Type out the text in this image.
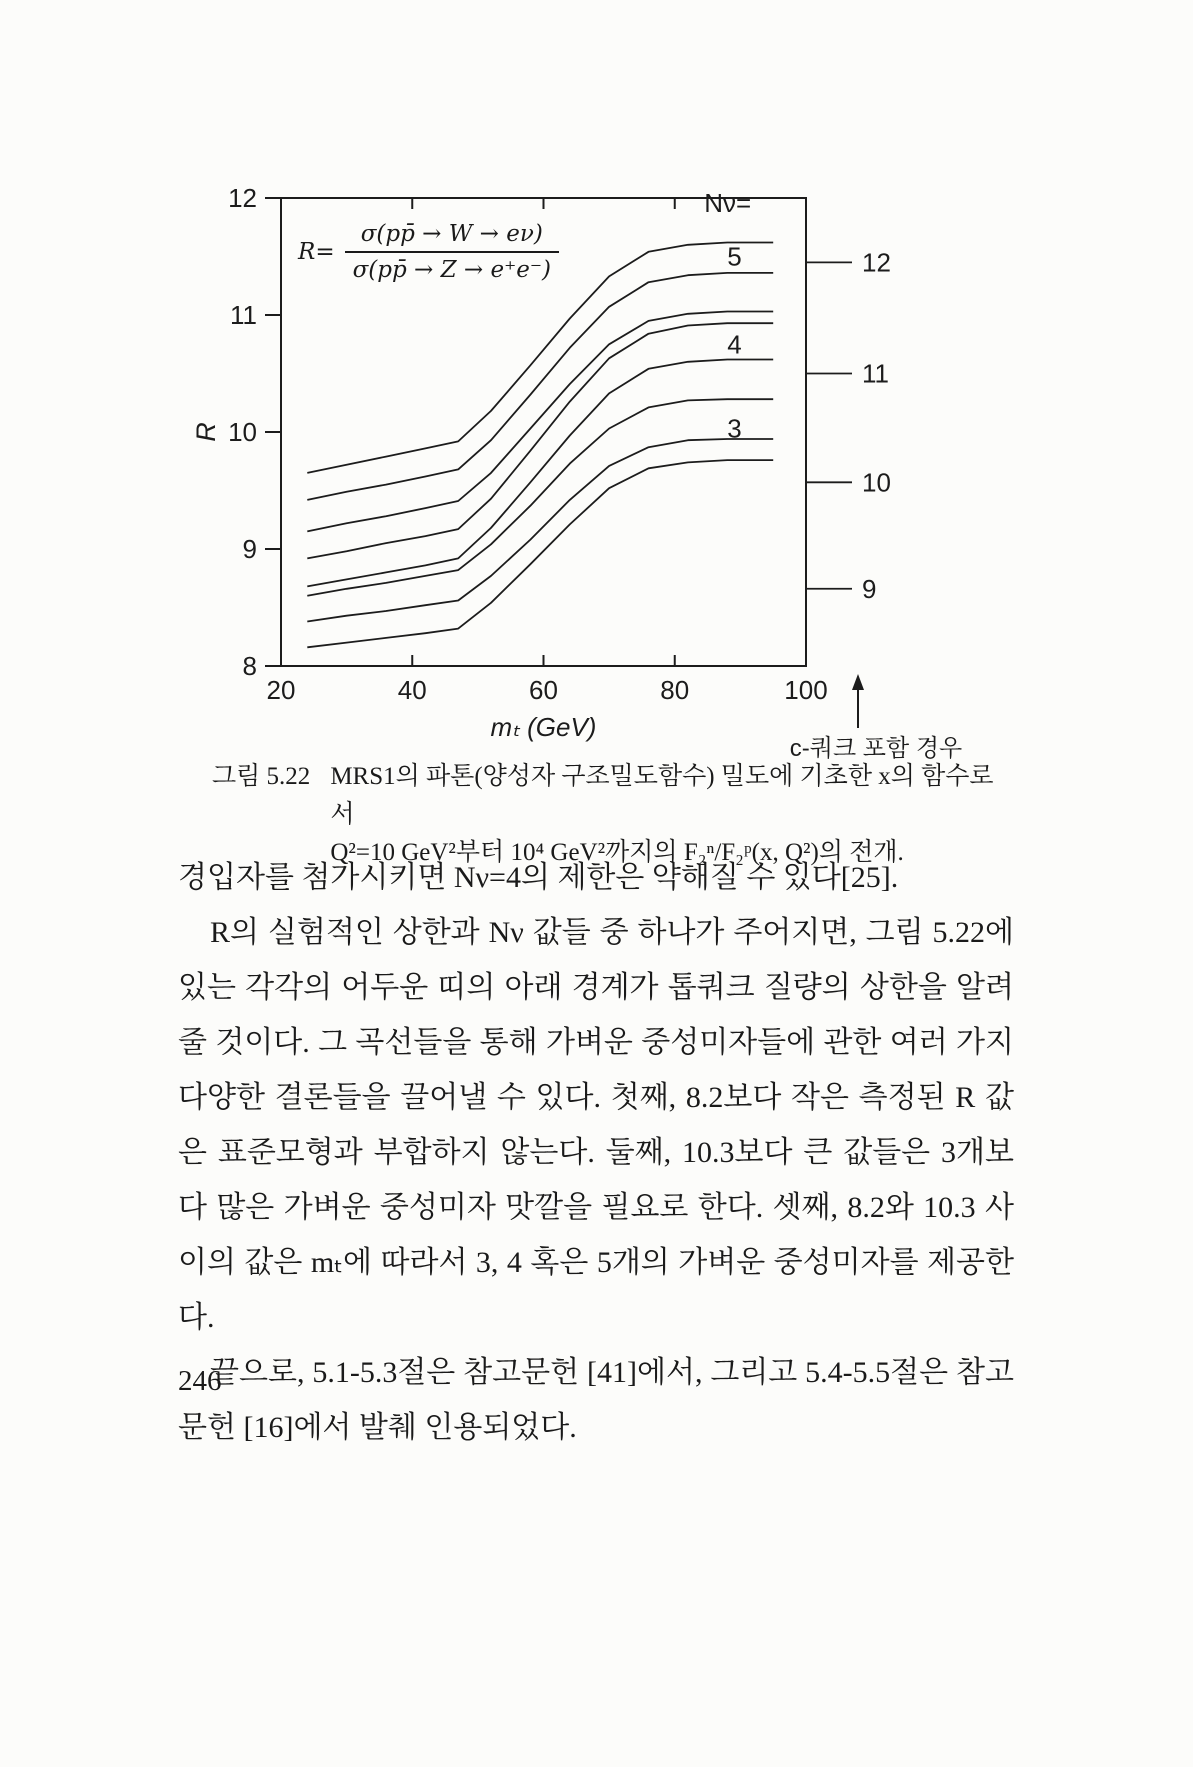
8
9
10
11
12
20	40	60	80	100
mₜ (GeV)
R
12
11
10
9
Nν=
5
4
3
c-쿼크 포함 경우
$R= \frac{\sigma(pp̄ \to W \to e\nu)}{\sigma(pp̄ \to Z \to e^+e^-)}$
그림 5.22 MRS1의 파톤(양성자 구조밀도함수) 밀도에 기초한 x의 함수로서
Q²=10 GeV²부터 10⁴ GeV²까지의 F₂ⁿ/F₂ᵖ(x, Q²)의 전개.

경입자를 첨가시키면 Nν=4의 제한은 약해질 수 있다[25].

R의 실험적인 상한과 Nν 값들 중 하나가 주어지면, 그림 5.22에 있는 각각의 어두운 띠의 아래 경계가 톱쿼크 질량의 상한을 알려줄 것이다. 그 곡선들을 통해 가벼운 중성미자들에 관한 여러 가지 다양한 결론들을 끌어낼 수 있다. 첫째, 8.2보다 작은 측정된 R 값은 표준모형과 부합하지 않는다. 둘째, 10.3보다 큰 값들은 3개보다 많은 가벼운 중성미자 맛깔을 필요로 한다. 셋째, 8.2와 10.3 사이의 값은 mₜ에 따라서 3, 4 혹은 5개의 가벼운 중성미자를 제공한다.

끝으로, 5.1-5.3절은 참고문헌 [41]에서, 그리고 5.4-5.5절은 참고문헌 [16]에서 발췌 인용되었다.

246
